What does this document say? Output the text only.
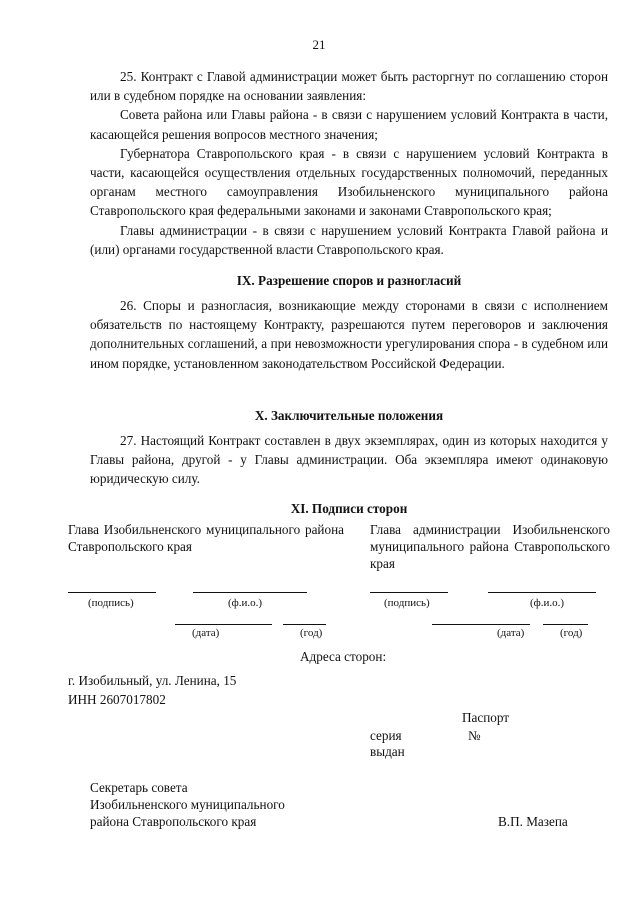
21

25. Контракт с Главой администрации может быть расторгнут по соглашению сторон или в судебном порядке на основании заявления:

Совета района или Главы района - в связи с нарушением условий Контракта в части, касающейся решения вопросов местного значения;

Губернатора Ставропольского края - в связи с нарушением условий Контракта в части, касающейся осуществления отдельных государственных полномочий, переданных органам местного самоуправления Изобильненского муниципального района Ставропольского края федеральными законами и законами Ставропольского края;

Главы администрации - в связи с нарушением условий Контракта Главой района и (или) органами государственной власти Ставропольского края.

IX. Разрешение споров и разногласий

26. Споры и разногласия, возникающие между сторонами в связи с исполнением обязательств по настоящему Контракту, разрешаются путем переговоров и заключения дополнительных соглашений, а при невозможности урегулирования спора - в судебном или ином порядке, установленном законодательством Российской Федерации.

X. Заключительные положения

27. Настоящий Контракт составлен в двух экземплярах, один из которых находится у Главы района, другой - у Главы администрации. Оба экземпляра имеют одинаковую юридическую силу.

XI. Подписи сторон
Глава Изобильненского муниципального района Ставропольского края
Глава администрации Изобильненского муниципального района Ставропольского края
(подпись)	(ф.и.о.)	(подпись)	(ф.и.о.)
(дата)	(год)	(дата)	(год)
Адреса сторон:
г. Изобильный, ул. Ленина, 15
ИНН 2607017802
Паспорт
серия	№
выдан
Секретарь совета
Изобильненского муниципального
района Ставропольского края	В.П. Мазепа
